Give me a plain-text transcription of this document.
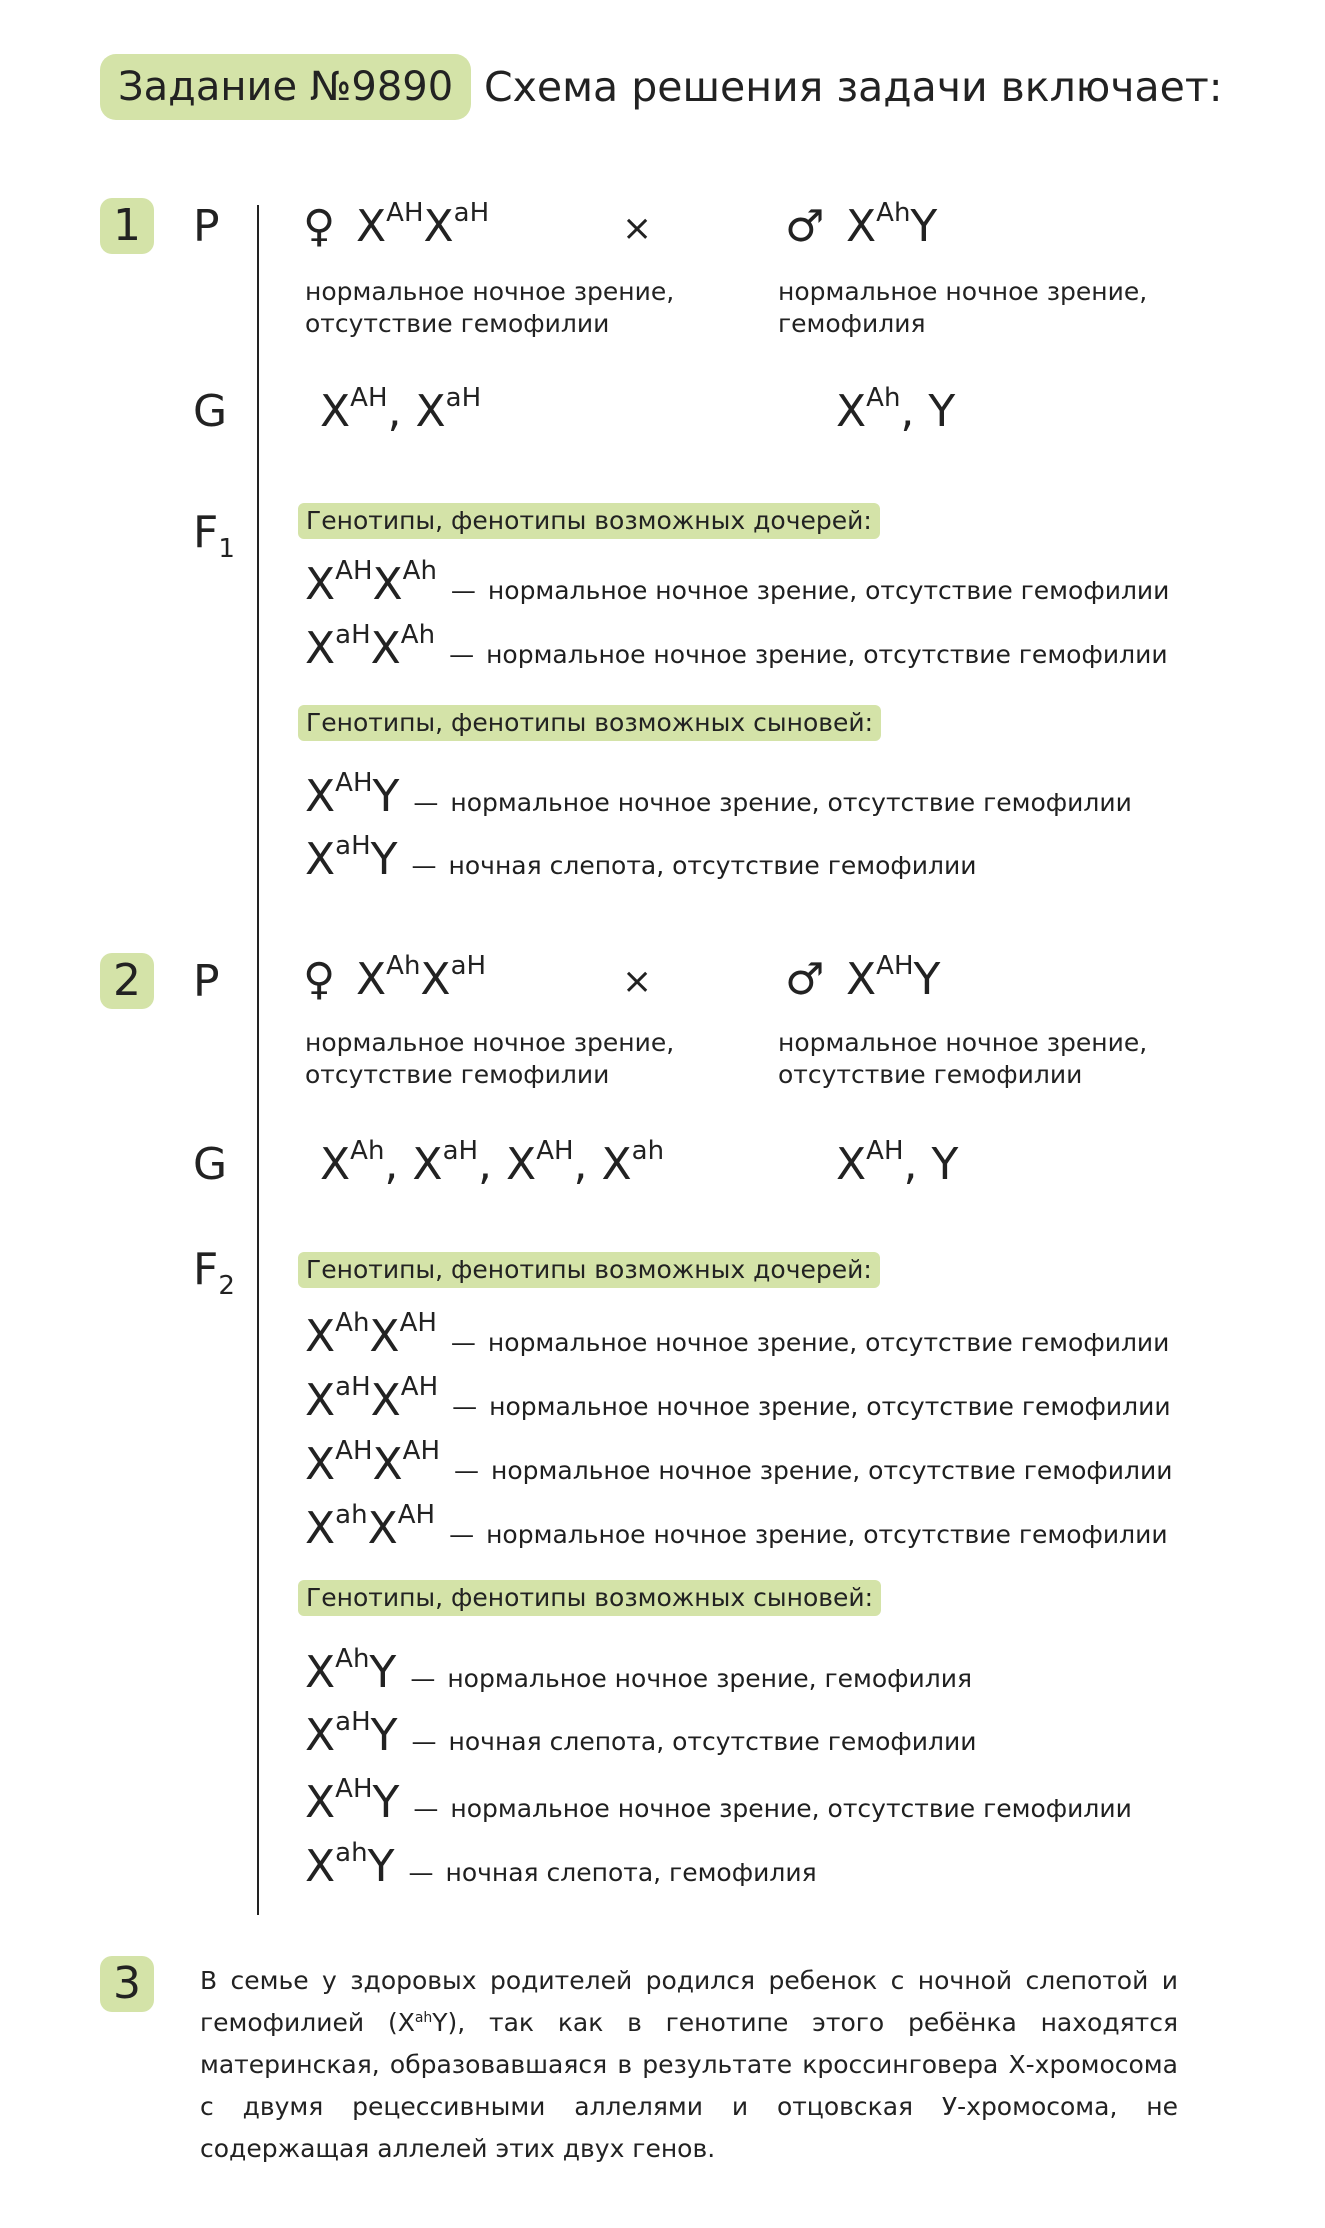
Задание №9890 Схема решения задачи включает:
1 P ♀ $X^{AH}X^{aH}$	×	♂ $X^{Ah}Y$
нормальное ночное зрение,
отсутствие гемофилии
нормальное ночное зрение,
гемофилия
G $X^{AH}$, $X^{aH}$	$X^{Ah}$, Y
$F_1$
Генотипы, фенотипы возможных дочерей:
$X^{AH}X^{Ah}$
— нормальное ночное зрение, отсутствие гемофилии
$X^{aH}X^{Ah}$
— нормальное ночное зрение, отсутствие гемофилии
Генотипы, фенотипы возможных сыновей:
$X^{AH}Y$ — нормальное ночное зрение, отсутствие гемофилии
$X^{aH}Y$ — ночная слепота, отсутствие гемофилии
2 P ♀ $X^{Ah}X^{aH}$	×	♂ $X^{AH}Y$
нормальное ночное зрение,
отсутствие гемофилии
нормальное ночное зрение,
отсутствие гемофилии
G $X^{Ah}$, $X^{aH}$, $X^{AH}$, $X^{ah}$	$X^{AH}$, Y
$F_2$
Генотипы, фенотипы возможных дочерей:
$X^{Ah}X^{AH}$
— нормальное ночное зрение, отсутствие гемофилии
$X^{aH}X^{AH}$
— нормальное ночное зрение, отсутствие гемофилии
$X^{AH}X^{AH}$
— нормальное ночное зрение, отсутствие гемофилии
$X^{ah}X^{AH}$
— нормальное ночное зрение, отсутствие гемофилии
Генотипы, фенотипы возможных сыновей:
$X^{Ah}Y$ — нормальное ночное зрение, гемофилия
$X^{aH}Y$ — ночная слепота, отсутствие гемофилии
$X^{AH}Y$ — нормальное ночное зрение, отсутствие гемофилии
$X^{ah}Y$ — ночная слепота, гемофилия
3	В семье у здоровых родителей родился ребенок с ночной слепотой и гемофилией $(X^{ah}Y)$, так как в генотипе этого ребёнка находятся материнская, образовавшаяся в результате кроссинговера Х-хромосома с двумя рецессивными аллелями и отцовская У-хромосома, не содержащая аллелей этих двух генов.
